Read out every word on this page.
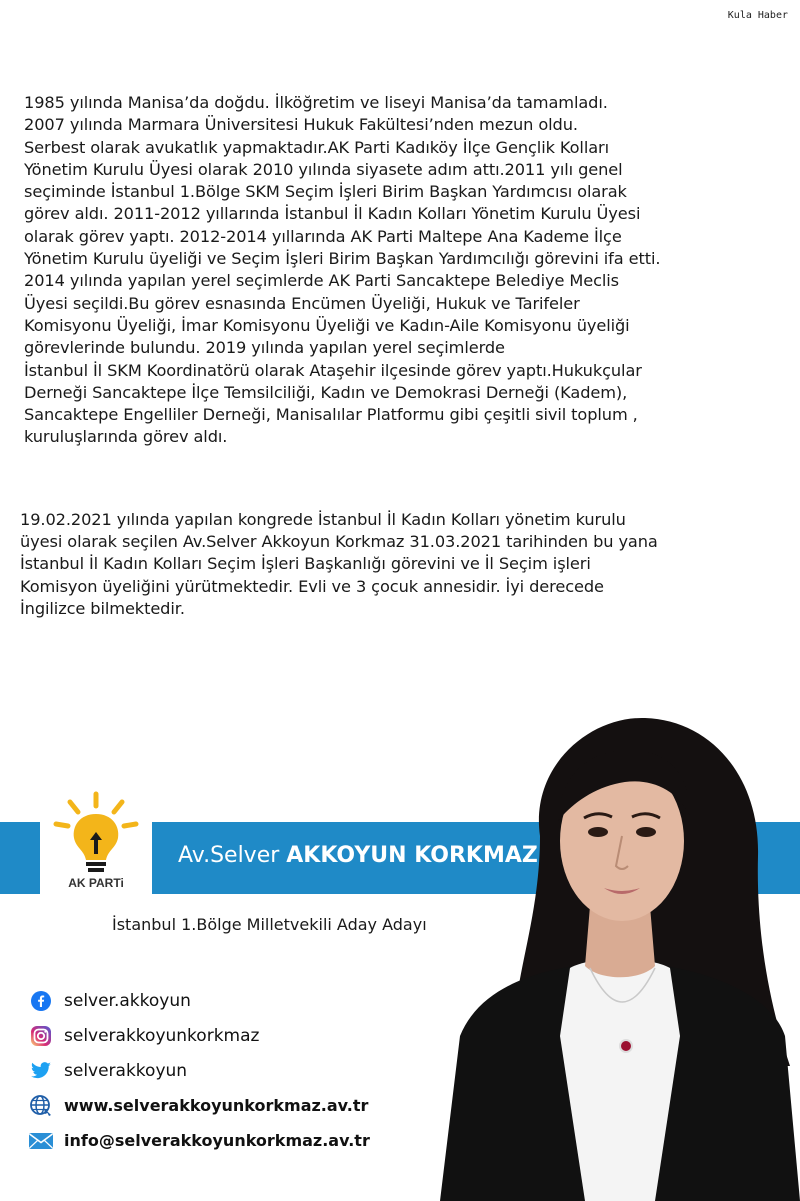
Kula Haber

1985 yılında Manisa’da doğdu. İlköğretim ve liseyi Manisa’da tamamladı.
2007 yılında Marmara Üniversitesi Hukuk Fakültesi’nden mezun oldu.
Serbest olarak avukatlık yapmaktadır.AK Parti Kadıköy İlçe Gençlik Kolları
Yönetim Kurulu Üyesi olarak 2010 yılında siyasete adım attı.2011 yılı genel
seçiminde İstanbul 1.Bölge SKM Seçim İşleri Birim Başkan Yardımcısı olarak
görev aldı. 2011-2012 yıllarında İstanbul İl Kadın Kolları Yönetim Kurulu Üyesi
olarak görev yaptı. 2012-2014 yıllarında AK Parti Maltepe Ana Kademe İlçe
Yönetim Kurulu üyeliği ve Seçim İşleri Birim Başkan Yardımcılığı görevini ifa etti.
2014 yılında yapılan yerel seçimlerde AK Parti Sancaktepe Belediye Meclis
Üyesi seçildi.Bu görev esnasında Encümen Üyeliği, Hukuk ve Tarifeler
Komisyonu Üyeliği, İmar Komisyonu Üyeliği ve Kadın-Aile Komisyonu üyeliği
görevlerinde bulundu. 2019 yılında yapılan yerel seçimlerde
İstanbul İl SKM Koordinatörü olarak Ataşehir ilçesinde görev yaptı.Hukukçular
Derneği Sancaktepe İlçe Temsilciliği, Kadın ve Demokrasi Derneği (Kadem),
Sancaktepe Engelliler Derneği, Manisalılar Platformu gibi çeşitli sivil toplum ,
kuruluşlarında görev aldı.

19.02.2021 yılında yapılan kongrede İstanbul İl Kadın Kolları yönetim kurulu
üyesi olarak seçilen Av.Selver Akkoyun Korkmaz 31.03.2021 tarihinden bu yana
İstanbul İl Kadın Kolları Seçim İşleri Başkanlığı görevini ve İl Seçim işleri
Komisyon üyeliğini yürütmektedir. Evli ve 3 çocuk annesidir. İyi derecede
İngilizce bilmektedir.

AK PARTi
Av.Selver AKKOYUN KORKMAZ
İstanbul 1.Bölge Milletvekili Aday Adayı
selver.akkoyun
selverakkoyunkorkmaz
selverakkoyun
www.selverakkoyunkorkmaz.av.tr
info@selverakkoyunkorkmaz.av.tr
